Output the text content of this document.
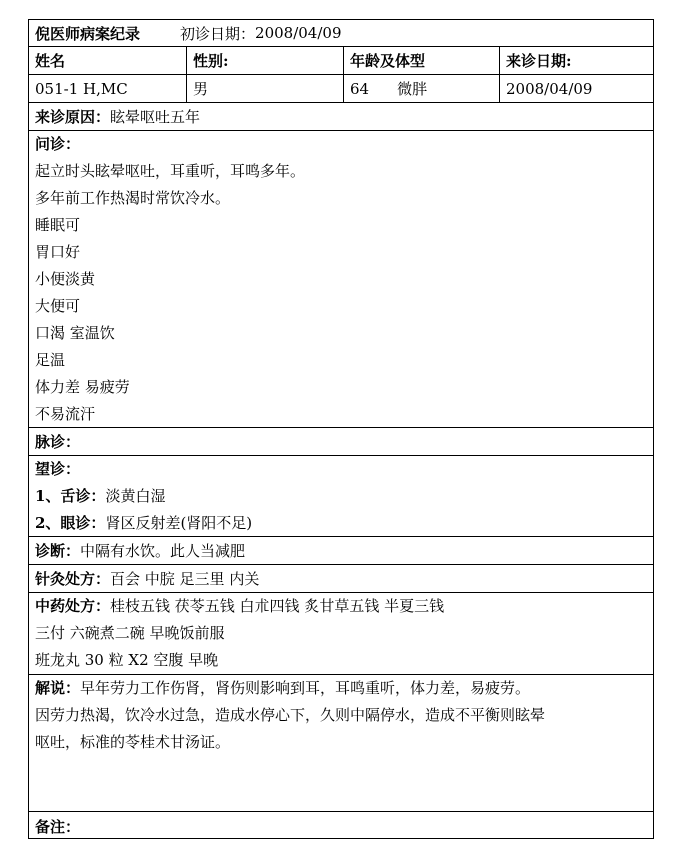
倪医师病案纪录	初诊日期： 2008/04/09
姓名	性别:	年龄及体型	来诊日期:
051-1 H,MC	男	64 微胖	2008/04/09
来诊原因： 眩晕呕吐五年
问诊：
起立时头眩晕呕吐，耳重听，耳鸣多年。
多年前工作热渴时常饮冷水。
睡眠可
胃口好
小便淡黄
大便可
口渴 室温饮
足温
体力差 易疲劳
不易流汗
脉诊：
望诊：
1、舌诊：淡黄白湿
2、眼诊：肾区反射差(肾阳不足)
诊断： 中隔有水饮。此人当减肥
针灸处方： 百会 中脘 足三里 内关
中药处方：桂枝五钱 茯苓五钱 白朮四钱 炙甘草五钱 半夏三钱
三付 六碗煮二碗 早晚饭前服
班龙丸 30 粒 X2 空腹 早晚
解说：早年劳力工作伤肾，肾伤则影响到耳，耳鸣重听，体力差，易疲劳。
因劳力热渴，饮冷水过急，造成水停心下，久则中隔停水，造成不平衡则眩晕
呕吐，标准的苓桂术甘汤证。
备注：
